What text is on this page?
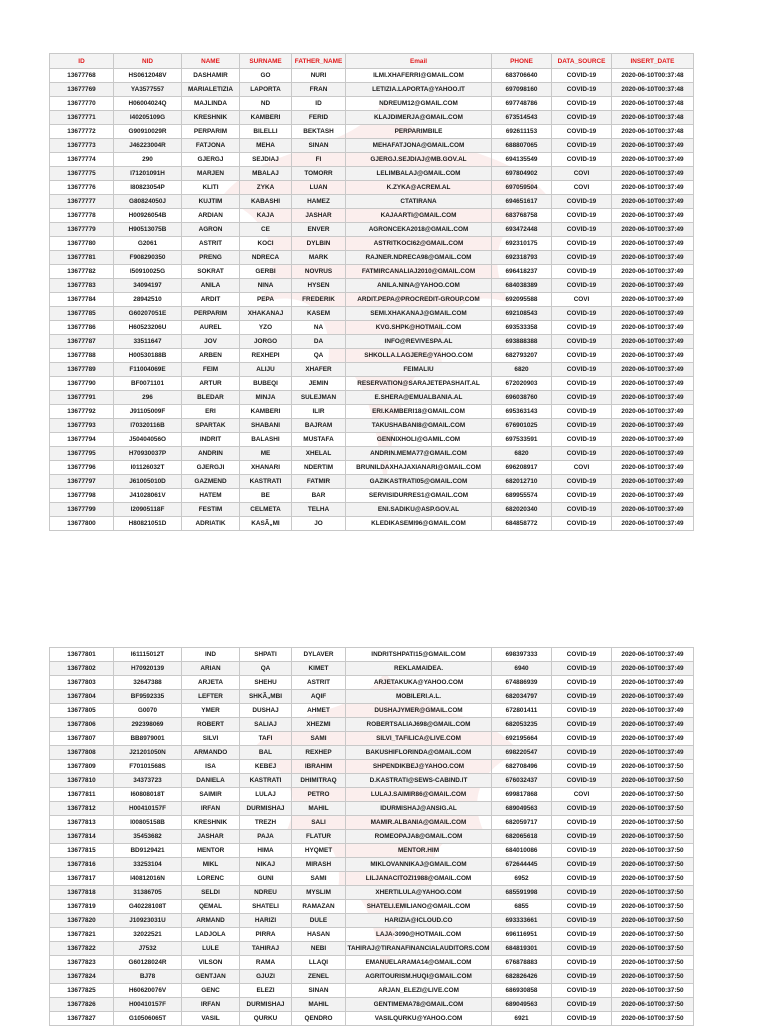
ID	NID	NAME	SURNAME	FATHER_NAME	Email	PHONE	DATA_SOURCE	INSERT_DATE
13677768	HS0612048V	DASHAMIR	GO	NURI	ILMI.XHAFERRI@GMAIL.COM	683706640	COVID-19	2020-06-10T00:37:48
13677769	YA3577557	MARIALETIZIA	LAPORTA	FRAN	LETIZIA.LAPORTA@YAHOO.IT	697098160	COVID-19	2020-06-10T00:37:48
13677770	H06004024Q	MAJLINDA	ND	ID	NDREUM12@GMAIL.COM	697748786	COVID-19	2020-06-10T00:37:48
13677771	I40205109G	KRESHNIK	KAMBERI	FERID	KLAJDIMERJA@GMAIL.COM	673514543	COVID-19	2020-06-10T00:37:48
13677772	G90910029R	PERPARIM	BILELLI	BEKTASH	PERPARIMBILE	692611153	COVID-19	2020-06-10T00:37:48
13677773	J46223004R	FATJONA	MEHA	SINAN	MEHAFATJONA@GMAIL.COM	688807065	COVID-19	2020-06-10T00:37:49
13677774	290	GJERGJ	SEJDIAJ	FI	GJERGJ.SEJDIAJ@MB.GOV.AL	694135549	COVID-19	2020-06-10T00:37:49
13677775	I71201091H	MARJEN	MBALAJ	TOMORR	LELIMBALAJ@GMAIL.COM	697804902	COVI	2020-06-10T00:37:49
13677776	I80823054P	KLITI	ZYKA	LUAN	K.ZYKA@ACREM.AL	697059504	COVI	2020-06-10T00:37:49
13677777	G80824050J	KUJTIM	KABASHI	HAMEZ	CTATIRANA	694651617	COVID-19	2020-06-10T00:37:49
13677778	H00926054B	ARDIAN	KAJA	JASHAR	KAJAARTI@GMAIL.COM	683768758	COVID-19	2020-06-10T00:37:49
13677779	H90513075B	AGRON	CE	ENVER	AGRONCEKA2018@GMAIL.COM	693472448	COVID-19	2020-06-10T00:37:49
13677780	G2061	ASTRIT	KOCI	DYLBIN	ASTRITKOCI62@GMAIL.COM	692310175	COVID-19	2020-06-10T00:37:49
13677781	F908290350	PRENG	NDRECA	MARK	RAJNER.NDRECA98@GMAIL.COM	692318793	COVID-19	2020-06-10T00:37:49
13677782	I50910025G	SOKRAT	GERBI	NOVRUS	FATMIRCANALIAJ2010@GMAIL.COM	696418237	COVID-19	2020-06-10T00:37:49
13677783	34094197	ANILA	NINA	HYSEN	ANILA.NINA@YAHOO.COM	684038389	COVID-19	2020-06-10T00:37:49
13677784	28942510	ARDIT	PEPA	FREDERIK	ARDIT.PEPA@PROCREDIT-GROUP.COM	692095588	COVI	2020-06-10T00:37:49
13677785	G60207051E	PERPARIM	XHAKANAJ	KASEM	SEMI.XHAKANAJ@GMAIL.COM	692108543	COVID-19	2020-06-10T00:37:49
13677786	H60523206U	AUREL	YZO	NA	KVG.SHPK@HOTMAIL.COM	693533358	COVID-19	2020-06-10T00:37:49
13677787	33511647	JOV	JORGO	DA	INFO@REVIVESPA.AL	693888388	COVID-19	2020-06-10T00:37:49
13677788	H00530188B	ARBEN	REXHEPI	QA	SHKOLLA.LAGJERE@YAHOO.COM	682793207	COVID-19	2020-06-10T00:37:49
13677789	F11004069E	FEIM	ALIJU	XHAFER	FEIMALIU	6820	COVID-19	2020-06-10T00:37:49
13677790	BF0071101	ARTUR	BUBEQI	JEMIN	RESERVATION@SARAJETEPASHAIT.AL	672020903	COVID-19	2020-06-10T00:37:49
13677791	296	BLEDAR	MINJA	SULEJMAN	E.SHERA@EMUALBANIA.AL	696038760	COVID-19	2020-06-10T00:37:49
13677792	J91105009F	ERI	KAMBERI	ILIR	ERI.KAMBERI18@GMAIL.COM	695363143	COVID-19	2020-06-10T00:37:49
13677793	I70320116B	SPARTAK	SHABANI	BAJRAM	TAKUSHABANI8@GMAIL.COM	676901025	COVID-19	2020-06-10T00:37:49
13677794	J50404056O	INDRIT	BALASHI	MUSTAFA	GENNIXHOLI@GAMIL.COM	697533591	COVID-19	2020-06-10T00:37:49
13677795	H70930037P	ANDRIN	ME	XHELAL	ANDRIN.MEMA77@GMAIL.COM	6820	COVID-19	2020-06-10T00:37:49
13677796	I01126032T	GJERGJI	XHANARI	NDERTIM	BRUNILDAXHAJAXIANARI@GMAIL.COM	696208917	COVI	2020-06-10T00:37:49
13677797	J61005010D	GAZMEND	KASTRATI	FATMIR	GAZIKASTRATI05@GMAIL.COM	682012710	COVID-19	2020-06-10T00:37:49
13677798	J41028061V	HATEM	BE	BAR	SERVISIDURRES1@GMAIL.COM	689955574	COVID-19	2020-06-10T00:37:49
13677799	I20905118F	FESTIM	CELMETA	TELHA	ENI.SADIKU@ASP.GOV.AL	682020340	COVID-19	2020-06-10T00:37:49
13677800	H80821051D	ADRIATIK	KASÃ„MI	JO	KLEDIKASEMI96@GMAIL.COM	684858772	COVID-19	2020-06-10T00:37:49
13677801	I61115012T	IND	SHPATI	DYLAVER	INDRITSHPATI15@GMAIL.COM	698397333	COVID-19	2020-06-10T00:37:49
13677802	H70920139	ARIAN	QA	KIMET	REKLAMAIDEA.	6940	COVID-19	2020-06-10T00:37:49
13677803	32647388	ARJETA	SHEHU	ASTRIT	ARJETAKUKA@YAHOO.COM	674886939	COVID-19	2020-06-10T00:37:49
13677804	BF9592335	LEFTER	SHKÃ„MBI	AQIF	MOBILERI.A.L.	682034797	COVID-19	2020-06-10T00:37:49
13677805	G0070	YMER	DUSHAJ	AHMET	DUSHAJYMER@GMAIL.COM	672801411	COVID-19	2020-06-10T00:37:49
13677806	292398069	ROBERT	SALIAJ	XHEZMI	ROBERTSALIAJ698@GMAIL.COM	682053235	COVID-19	2020-06-10T00:37:49
13677807	BB8979001	SILVI	TAFI	SAMI	SILVI_TAFILICA@LIVE.COM	692195664	COVID-19	2020-06-10T00:37:49
13677808	J21201050N	ARMANDO	BAL	REXHEP	BAKUSHIFLORINDA@GMAIL.COM	698220547	COVID-19	2020-06-10T00:37:49
13677809	F70101568S	ISA	KEBEJ	IBRAHIM	SHPENDIKBEJ@YAHOO.COM	682708496	COVID-19	2020-06-10T00:37:50
13677810	34373723	DANIELA	KASTRATI	DHIMITRAQ	D.KASTRATI@SEWS-CABIND.IT	676032437	COVID-19	2020-06-10T00:37:50
13677811	I60808018T	SAIMIR	LULAJ	PETRO	LULAJ.SAIMIR86@GMAIL.COM	699817868	COVI	2020-06-10T00:37:50
13677812	H00410157F	IRFAN	DURMISHAJ	MAHIL	IDURMISHAJ@ANSIG.AL	689049563	COVID-19	2020-06-10T00:37:50
13677813	I00805158B	KRESHNIK	TREZH	SALI	MAMIR.ALBANIA@GMAIL.COM	682059717	COVID-19	2020-06-10T00:37:50
13677814	35453682	JASHAR	PAJA	FLATUR	ROMEOPAJA8@GMAIL.COM	682065618	COVID-19	2020-06-10T00:37:50
13677815	BD9129421	MENTOR	HIMA	HYQMET	MENTOR.HIM	684010086	COVID-19	2020-06-10T00:37:50
13677816	33253104	MIKL	NIKAJ	MIRASH	MIKLOVANNIKAJ@GMAIL.COM	672644445	COVID-19	2020-06-10T00:37:50
13677817	I40812016N	LORENC	GUNI	SAMI	LILJANACITOZI1988@GMAIL.COM	6952	COVID-19	2020-06-10T00:37:50
13677818	31386705	SELDI	NDREU	MYSLIM	XHERTILULA@YAHOO.COM	685591998	COVID-19	2020-06-10T00:37:50
13677819	G40228108T	QEMAL	SHATELI	RAMAZAN	SHATELI.EMILIANO@GMAIL.COM	6855	COVID-19	2020-06-10T00:37:50
13677820	J10923031U	ARMAND	HARIZI	DULE	HARIZIA@ICLOUD.CO	693333661	COVID-19	2020-06-10T00:37:50
13677821	32022521	LADJOLA	PIRRA	HASAN	LAJA-3090@HOTMAIL.COM	696116951	COVID-19	2020-06-10T00:37:50
13677822	J7532	LULE	TAHIRAJ	NEBI	TAHIRAJ@TIRANAFINANCIALAUDITORS.COM	684819301	COVID-19	2020-06-10T00:37:50
13677823	G60128024R	VILSON	RAMA	LLAQI	EMANUELARAMA14@GMAIL.COM	676878883	COVID-19	2020-06-10T00:37:50
13677824	BJ78	GENTJAN	GJUZI	ZENEL	AGRITOURISM.HUQI@GMAIL.COM	682826426	COVID-19	2020-06-10T00:37:50
13677825	H60620076V	GENC	ELEZI	SINAN	ARJAN_ELEZI@LIVE.COM	686930858	COVID-19	2020-06-10T00:37:50
13677826	H00410157F	IRFAN	DURMISHAJ	MAHIL	GENTIMEMA78@GMAIL.COM	689049563	COVID-19	2020-06-10T00:37:50
13677827	G10506065T	VASIL	QURKU	QENDRO	VASILQURKU@YAHOO.COM	6921	COVID-19	2020-06-10T00:37:50
